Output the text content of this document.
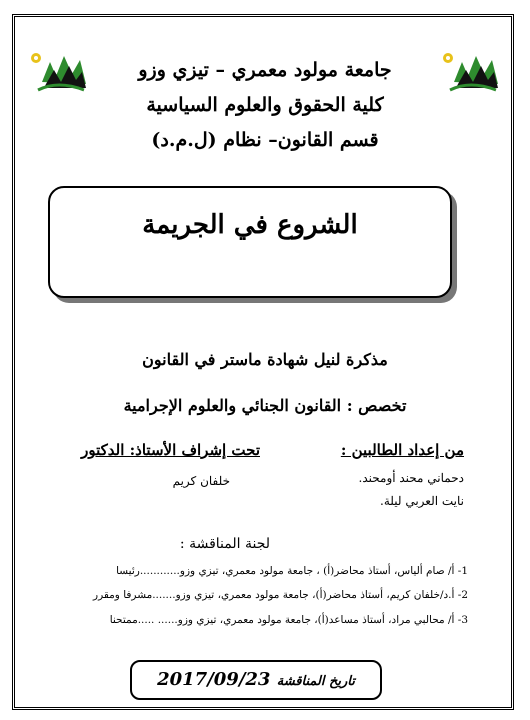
جامعة مولود معمري – تيزي وزو
كلية الحقوق والعلوم السياسية
قسم القانون– نظام (ل.م.د)
الشروع في الجريمة
مذكرة لنيل شهادة ماستر في القانون
تخصص : القانون الجنائي والعلوم الإجرامية
من إعداد الطالبين :
دحماني محند أومحند.
نايت العربي ليلة.
تحت إشراف الأستاذ: الدكتور
خلفان كريم
لجنة المناقشة :
1- أ/ صام ألياس، أستاذ محاضر(أ) ، جامعة مولود معمري، تيزي وزو............رئيسا
2- أ.د/خلفان كريم، أستاذ محاضر(أ)، جامعة مولود معمري، تيزي وزو.......مشرفا ومقرر
3- أ/ محالبي مراد، أستاذ مساعد(أ)، جامعة مولود معمري، تيزي وزو...... .....ممتحنا
تاريخ المناقشة 2017/09/23
